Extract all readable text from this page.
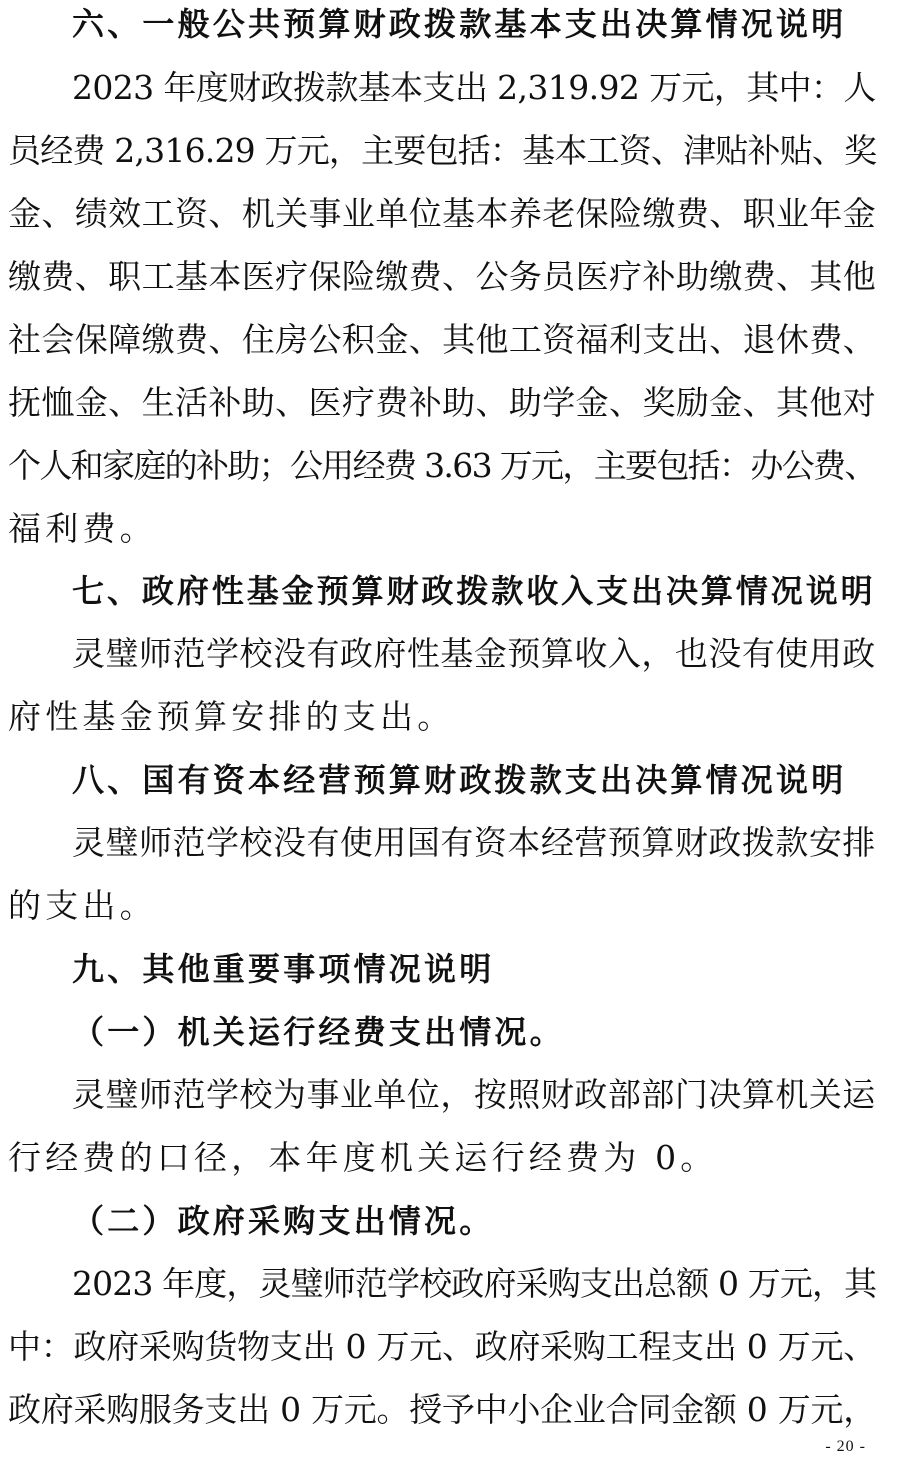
六、一般公共预算财政拨款基本支出决算情况说明
2023 年度财政拨款基本支出 2,319.92 万元，其中：人
员经费 2,316.29 万元，主要包括：基本工资、津贴补贴、奖
金、绩效工资、机关事业单位基本养老保险缴费、职业年金
缴费、职工基本医疗保险缴费、公务员医疗补助缴费、其他
社会保障缴费、住房公积金、其他工资福利支出、退休费、
抚恤金、生活补助、医疗费补助、助学金、奖励金、其他对
个人和家庭的补助；公用经费 3.63 万元，主要包括：办公费、
福利费。
七、政府性基金预算财政拨款收入支出决算情况说明
灵璧师范学校没有政府性基金预算收入，也没有使用政
府性基金预算安排的支出。
八、国有资本经营预算财政拨款支出决算情况说明
灵璧师范学校没有使用国有资本经营预算财政拨款安排
的支出。
九、其他重要事项情况说明
（一）机关运行经费支出情况。
灵璧师范学校为事业单位，按照财政部部门决算机关运
行经费的口径，本年度机关运行经费为 0。
（二）政府采购支出情况。
2023 年度，灵璧师范学校政府采购支出总额 0 万元，其
中：政府采购货物支出 0 万元、政府采购工程支出 0 万元、
政府采购服务支出 0 万元。授予中小企业合同金额 0 万元，
- 20 -
